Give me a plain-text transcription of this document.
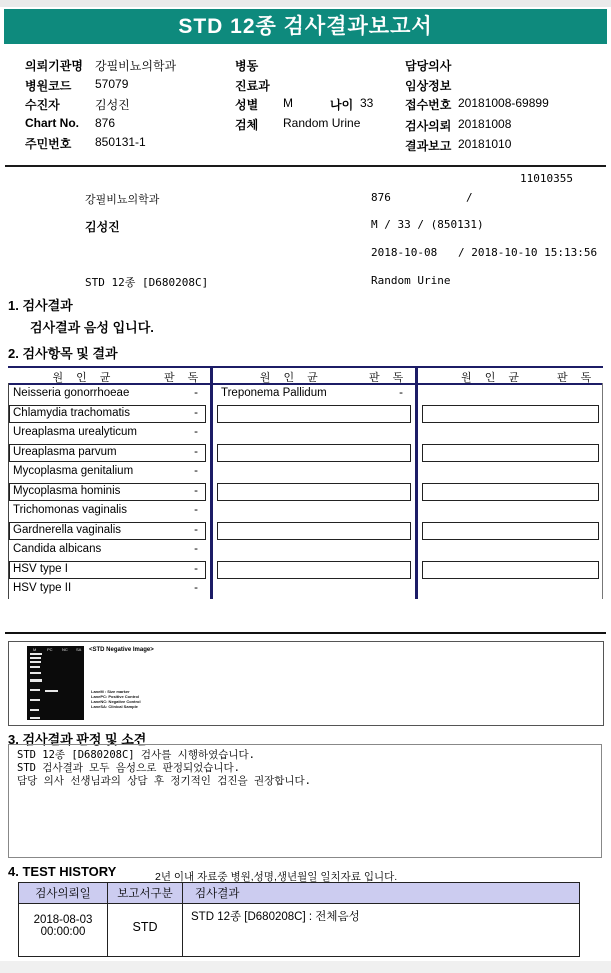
STD 12종 검사결과보고서
의뢰기관명 강필비뇨의학과
병원코드 57079
수진자	김성진
Chart No. 876
주민번호 850131-1
병동
진료과
성별 M	나이 33
검체 Random Urine
담당의사
임상정보
접수번호 20181008-69899
검사의뢰 20181008
결과보고 20181010
11010355
강필비뇨의학과	876	/
김성진	M / 33 / (850131)
2018-10-08 / 2018-10-10 15:13:56
STD 12종 [D680208C]	Random Urine
1. 검사결과
검사결과 음성 입니다.
2. 검사항목 및 결과
원 인 균	판 독
Neisseria gonorrhoeae	-
Chlamydia trachomatis	-
Ureaplasma urealyticum	-
Ureaplasma parvum	-
Mycoplasma genitalium	-
Mycoplasma hominis	-
Trichomonas vaginalis	-
Gardnerella vaginalis	-
Candida albicans	-
HSV type I	-
HSV type II	-
원 인 균	판 독
Treponema Pallidum	-
원 인 균	판 독
M	PC NC SA <STD Negative Image>
LaneM : Size marker
LanePC: Positive Control
LaneNC: Negative Control
LaneSA: Clinical Sample
3. 검사결과 판정 및 소견
STD 12종 [D680208C] 검사를 시행하였습니다.
STD 검사결과 모두 음성으로 판정되었습니다.
담당 의사 선생님과의 상담 후 정기적인 검진을 권장합니다.
4. TEST HISTORY	2년 이내 자료중 병원,성명,생년월일 일치자료 입니다.
검사의뢰일	보고서구분	검사결과

2018-08-03
00:00:00	STD	STD 12종 [D680208C] : 전체음성
